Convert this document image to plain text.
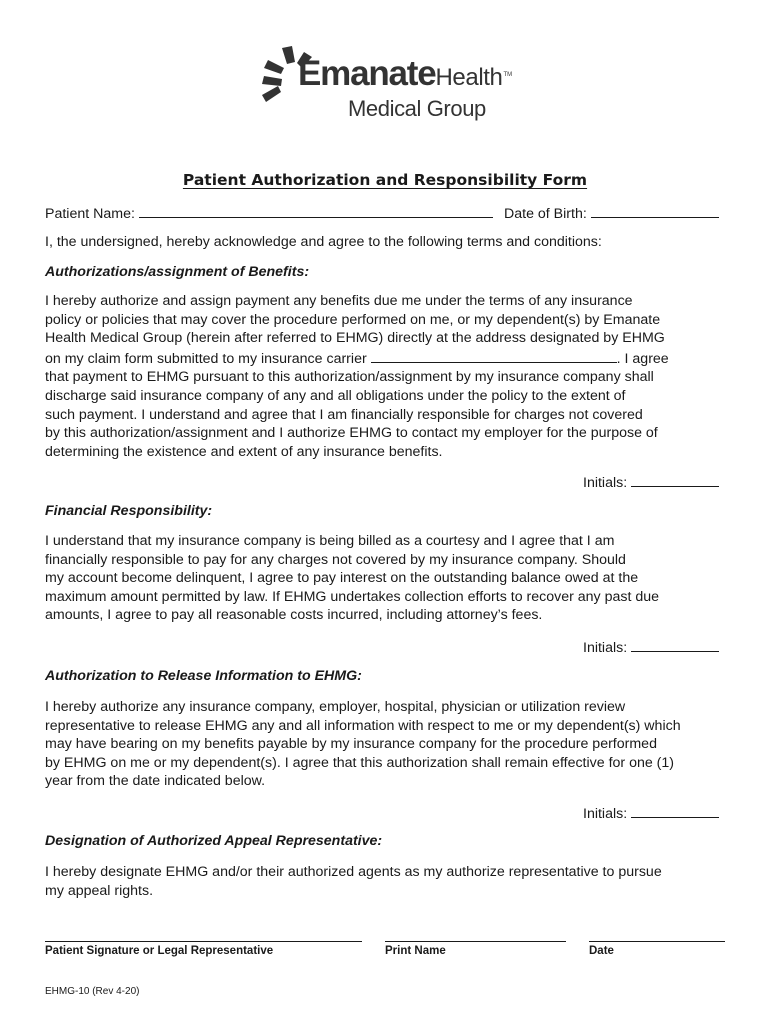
EmanateHealthTM
Medical Group
Patient Authorization and Responsibility Form
Patient Name:	Date of Birth:
I, the undersigned, hereby acknowledge and agree to the following terms and conditions:
Authorizations/assignment of Benefits:
I hereby authorize and assign payment any benefits due me under the terms of any insurance
policy or policies that may cover the procedure performed on me, or my dependent(s) by Emanate
Health Medical Group (herein after referred to EHMG) directly at the address designated by EHMG
on my claim form submitted to my insurance carrier	. I agree
that payment to EHMG pursuant to this authorization/assignment by my insurance company shall
discharge said insurance company of any and all obligations under the policy to the extent of
such payment. I understand and agree that I am financially responsible for charges not covered
by this authorization/assignment and I authorize EHMG to contact my employer for the purpose of
determining the existence and extent of any insurance benefits.
Initials:
Financial Responsibility:
I understand that my insurance company is being billed as a courtesy and I agree that I am
financially responsible to pay for any charges not covered by my insurance company. Should
my account become delinquent, I agree to pay interest on the outstanding balance owed at the
maximum amount permitted by law. If EHMG undertakes collection efforts to recover any past due
amounts, I agree to pay all reasonable costs incurred, including attorney’s fees.
Initials:
Authorization to Release Information to EHMG:
I hereby authorize any insurance company, employer, hospital, physician or utilization review
representative to release EHMG any and all information with respect to me or my dependent(s) which
may have bearing on my benefits payable by my insurance company for the procedure performed
by EHMG on me or my dependent(s). I agree that this authorization shall remain effective for one (1)
year from the date indicated below.
Initials:
Designation of Authorized Appeal Representative:
I hereby designate EHMG and/or their authorized agents as my authorize representative to pursue
my appeal rights.
Patient Signature or Legal Representative	Print Name	Date
EHMG-10 (Rev 4-20)
